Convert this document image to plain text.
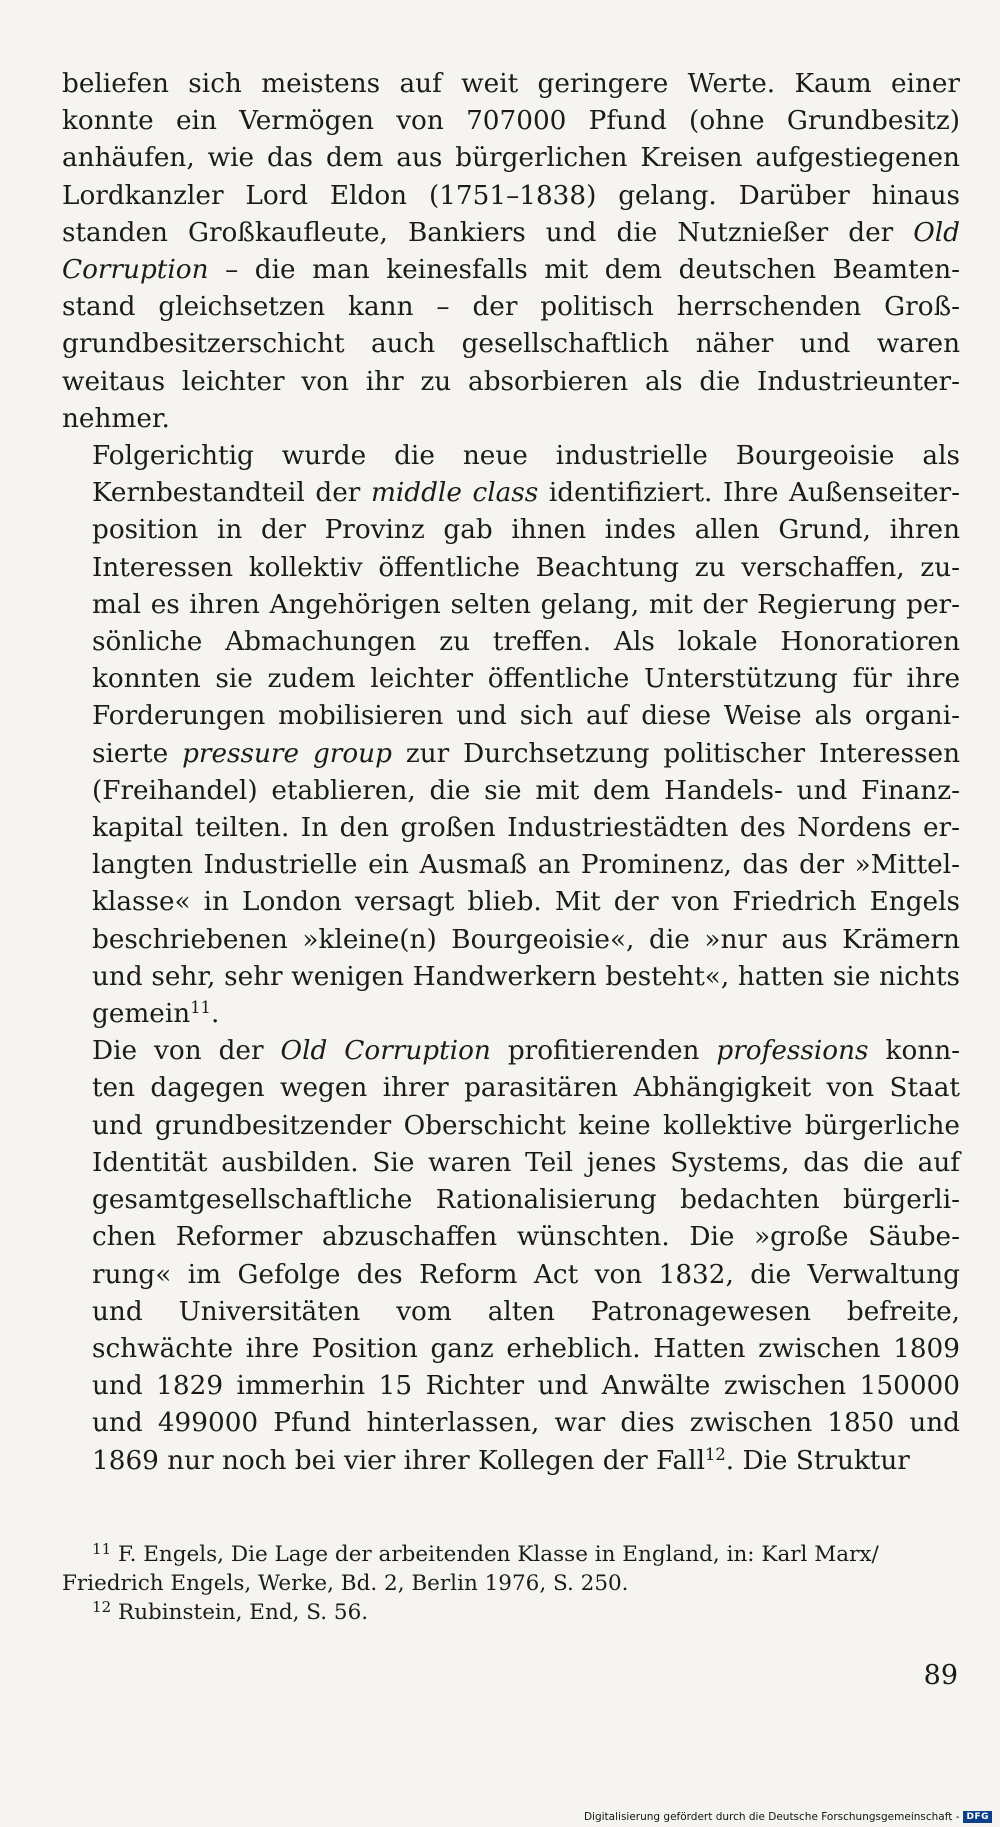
beliefen sich meistens auf weit geringere Werte. Kaum einer
konnte ein Vermögen von 707000 Pfund (ohne Grundbesitz)
anhäufen, wie das dem aus bürgerlichen Kreisen aufgestiegenen
Lordkanzler Lord Eldon (1751–1838) gelang. Darüber hinaus
standen Großkaufleute, Bankiers und die Nutznießer der Old
Corruption – die man keinesfalls mit dem deutschen Beamten-
stand gleichsetzen kann – der politisch herrschenden Groß-
grundbesitzerschicht auch gesellschaftlich näher und waren
weitaus leichter von ihr zu absorbieren als die Industrieunter-
nehmer.

Folgerichtig wurde die neue industrielle Bourgeoisie als
Kernbestandteil der middle class identifiziert. Ihre Außenseiter-
position in der Provinz gab ihnen indes allen Grund, ihren
Interessen kollektiv öffentliche Beachtung zu verschaffen, zu-
mal es ihren Angehörigen selten gelang, mit der Regierung per-
sönliche Abmachungen zu treffen. Als lokale Honoratioren
konnten sie zudem leichter öffentliche Unterstützung für ihre
Forderungen mobilisieren und sich auf diese Weise als organi-
sierte pressure group zur Durchsetzung politischer Interessen
(Freihandel) etablieren, die sie mit dem Handels- und Finanz-
kapital teilten. In den großen Industriestädten des Nordens er-
langten Industrielle ein Ausmaß an Prominenz, das der »Mittel-
klasse« in London versagt blieb. Mit der von Friedrich Engels
beschriebenen »kleine(n) Bourgeoisie«, die »nur aus Krämern
und sehr, sehr wenigen Handwerkern besteht«, hatten sie nichts
gemein$^{11}$.

Die von der Old Corruption profitierenden professions konn-
ten dagegen wegen ihrer parasitären Abhängigkeit von Staat
und grundbesitzender Oberschicht keine kollektive bürgerliche
Identität ausbilden. Sie waren Teil jenes Systems, das die auf
gesamtgesellschaftliche Rationalisierung bedachten bürgerli-
chen Reformer abzuschaffen wünschten. Die »große Säube-
rung« im Gefolge des Reform Act von 1832, die Verwaltung
und Universitäten vom alten Patronagewesen befreite,
schwächte ihre Position ganz erheblich. Hatten zwischen 1809
und 1829 immerhin 15 Richter und Anwälte zwischen 150000
und 499000 Pfund hinterlassen, war dies zwischen 1850 und
1869 nur noch bei vier ihrer Kollegen der Fall$^{12}$. Die Struktur

$^{11}$ F. Engels, Die Lage der arbeitenden Klasse in England, in: Karl Marx/
Friedrich Engels, Werke, Bd. 2, Berlin 1976, S. 250.
$^{12}$ Rubinstein, End, S. 56.
89
Digitalisierung gefördert durch die Deutsche Forschungsgemeinschaft - DFG
